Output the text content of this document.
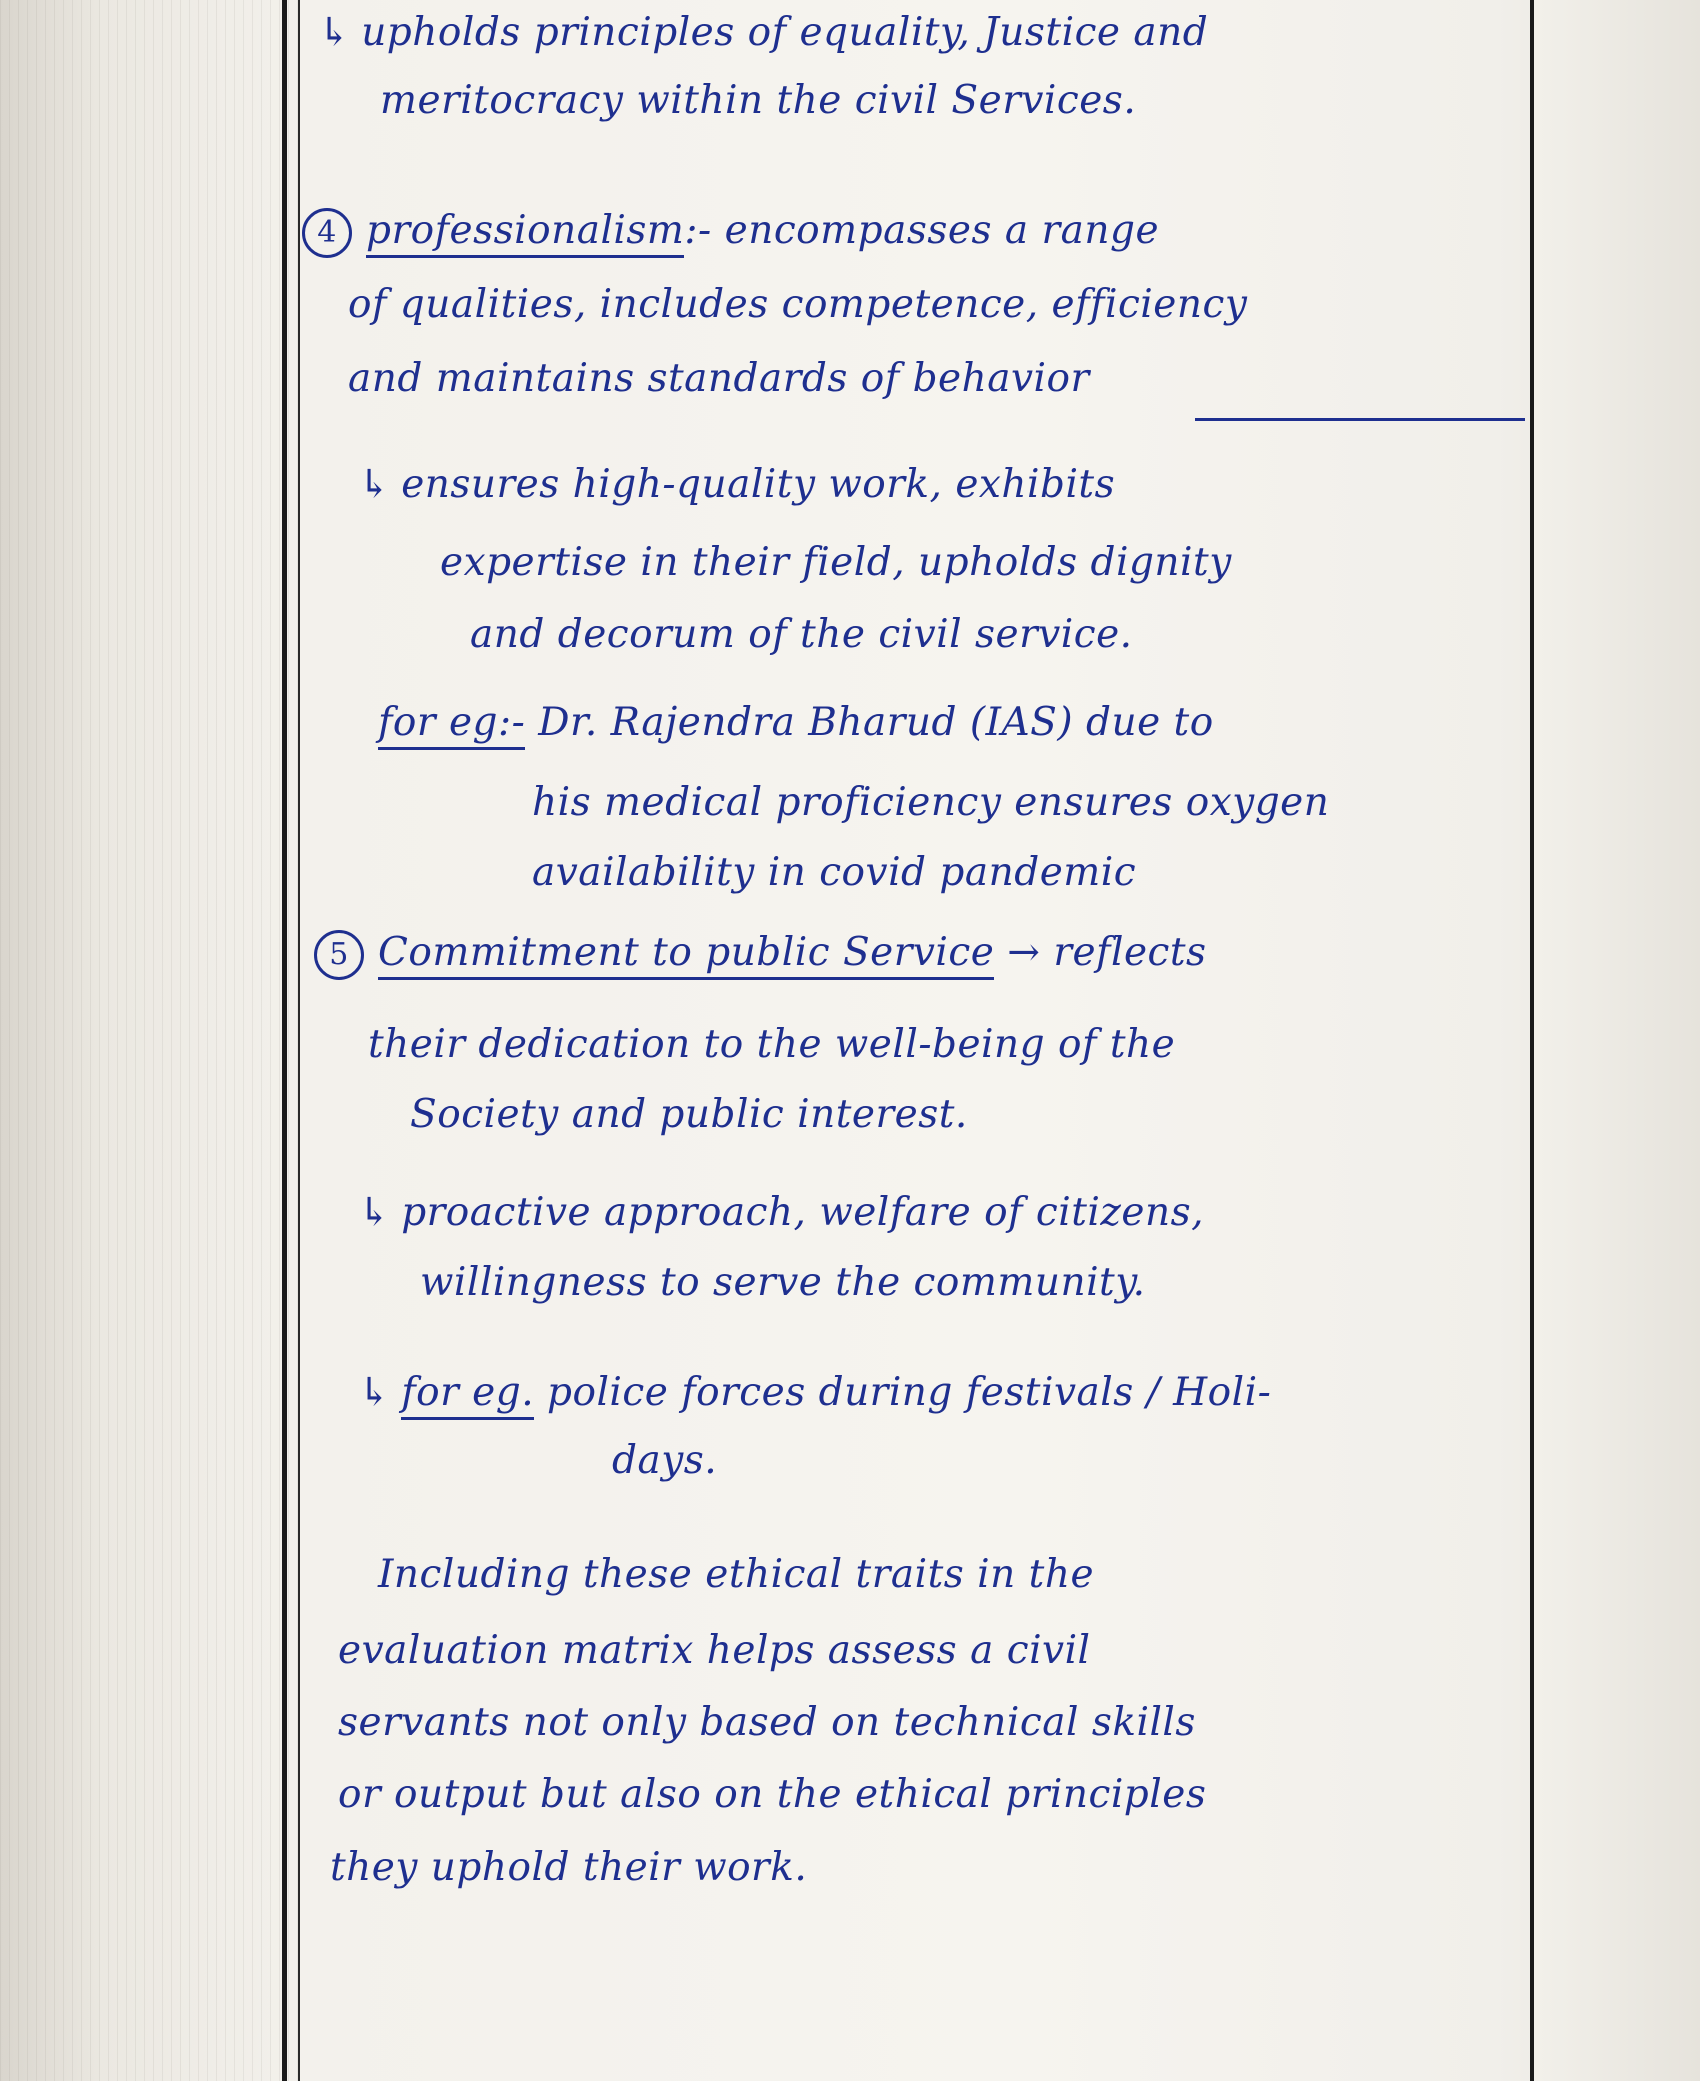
↳ upholds principles of equality, Justice and
meritocracy within the civil Services.
4 professionalism:- encompasses a range
of qualities, includes competence, efficiency
and maintains standards of behavior
↳ ensures high-quality work, exhibits
expertise in their field, upholds dignity
and decorum of the civil service.
for eg:- Dr. Rajendra Bharud (IAS) due to
his medical proficiency ensures oxygen
availability in covid pandemic
5 Commitment to public Service → reflects
their dedication to the well-being of the
Society and public interest.
↳ proactive approach, welfare of citizens,
willingness to serve the community.
↳ for eg. police forces during festivals / Holi-
days.
Including these ethical traits in the
evaluation matrix helps assess a civil
servants not only based on technical skills
or output but also on the ethical principles
they uphold their work.
